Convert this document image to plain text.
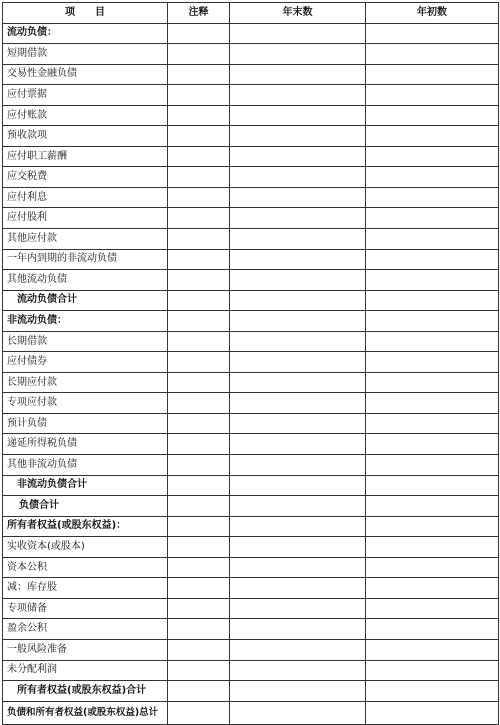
项　　目	注释	年末数	年初数
流动负债：			
短期借款			
交易性金融负债			
应付票据			
应付账款			
预收款项			
应付职工薪酬			
应交税费			
应付利息			
应付股利			
其他应付款			
一年内到期的非流动负债			
其他流动负债			
流动负债合计			
非流动负债：			
长期借款			
应付债券			
长期应付款			
专项应付款			
预计负债			
递延所得税负债			
其他非流动负债			
非流动负债合计			
负债合计			
所有者权益(或股东权益)：			
实收资本(或股本)			
资本公积			
减：库存股			
专项储备			
盈余公积			
一般风险准备			
未分配利润			
所有者权益(或股东权益)合计			
负债和所有者权益(或股东权益)总计			
